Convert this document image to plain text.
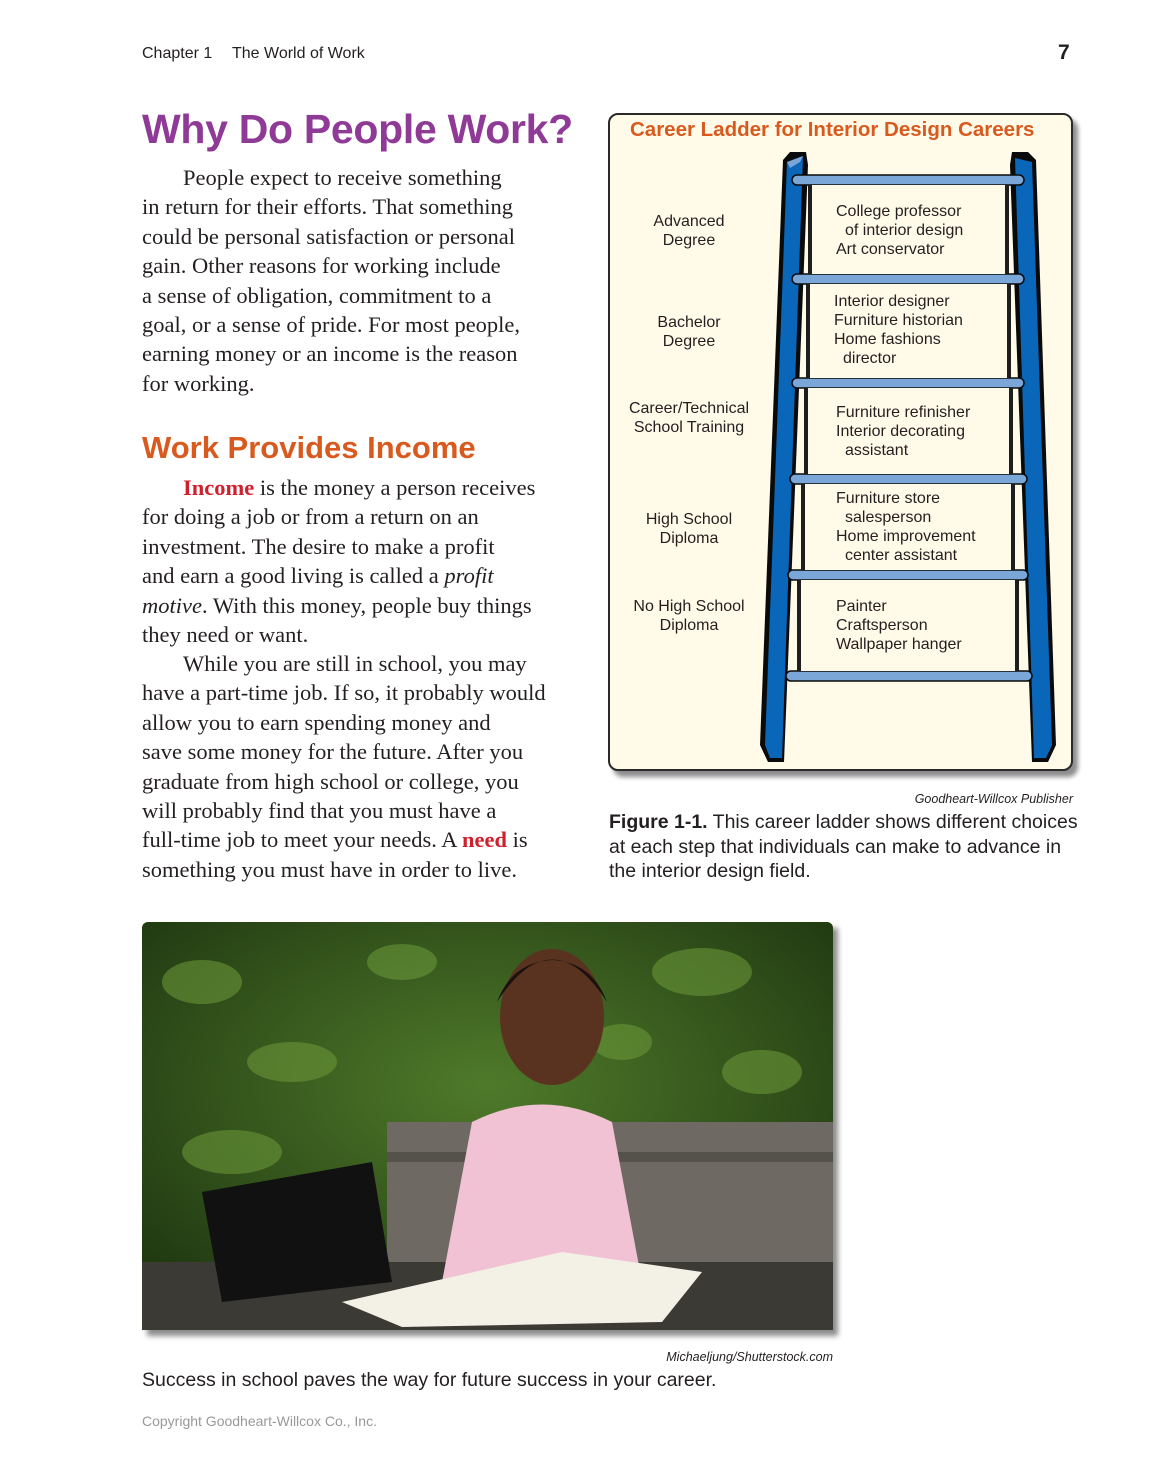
Chapter 1 The World of Work	7
Why Do People Work?
People expect to receive something
in return for their efforts. That something
could be personal satisfaction or personal
gain. Other reasons for working include
a sense of obligation, commitment to a
goal, or a sense of pride. For most people,
earning money or an income is the reason
for working.
Work Provides Income
Income is the money a person receives
for doing a job or from a return on an
investment. The desire to make a profit
and earn a good living is called a profit
motive. With this money, people buy things
they need or want.
While you are still in school, you may
have a part-time job. If so, it probably would
allow you to earn spending money and
save some money for the future. After you
graduate from high school or college, you
will probably find that you must have a
full-time job to meet your needs. A need is
something you must have in order to live.
Career Ladder for Interior Design Careers
Advanced
Degree
Bachelor
Degree
Career/Technical
School Training
High School
Diploma
No High School
Diploma
College professor
of interior design
Art conservator
Interior designer
Furniture historian
Home fashions
director
Furniture refinisher
Interior decorating
assistant
Furniture store
salesperson
Home improvement
center assistant
Painter
Craftsperson
Wallpaper hanger
Goodheart-Willcox Publisher
Figure 1-1. This career ladder shows different choices at each step that individuals can make to advance in the interior design field.
Michaeljung/Shutterstock.com
Success in school paves the way for future success in your career.
Copyright Goodheart-Willcox Co., Inc.
